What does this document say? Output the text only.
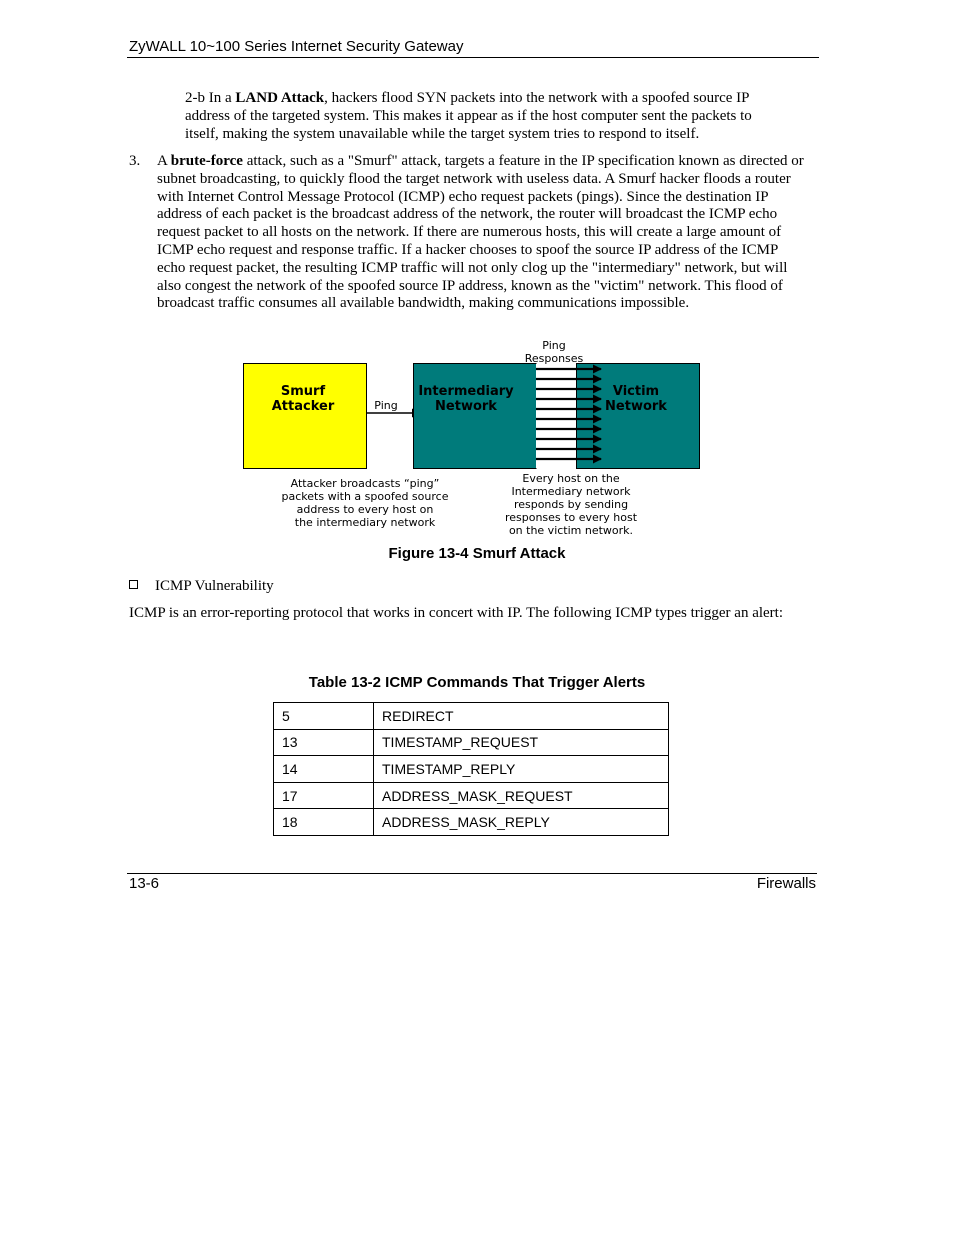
ZyWALL 10~100 Series Internet Security Gateway
2-b In a LAND Attack, hackers flood SYN packets into the network with a spoofed source IP address of the targeted system. This makes it appear as if the host computer sent the packets to itself, making the system unavailable while the target system tries to respond to itself.
3. A brute-force attack, such as a "Smurf" attack, targets a feature in the IP specification known as directed or subnet broadcasting, to quickly flood the target network with useless data. A Smurf hacker floods a router with Internet Control Message Protocol (ICMP) echo request packets (pings). Since the destination IP address of each packet is the broadcast address of the network, the router will broadcast the ICMP echo request packet to all hosts on the network. If there are numerous hosts, this will create a large amount of ICMP echo request and response traffic. If a hacker chooses to spoof the source IP address of the ICMP echo request packet, the resulting ICMP traffic will not only clog up the "intermediary" network, but will also congest the network of the spoofed source IP address, known as the "victim" network. This flood of broadcast traffic consumes all available bandwidth, making communications impossible.
Smurf
Attacker	Ping
Intermediary
Network
Victim
Network
Ping
Responses
Attacker broadcasts “ping”
packets with a spoofed source
address to every host on
the intermediary network
Every host on the
Intermediary network
responds by sending
responses to every host
on the victim network.
Figure 13-4 Smurf Attack
ICMP Vulnerability
ICMP is an error-reporting protocol that works in concert with IP. The following ICMP types trigger an alert:
Table 13-2 ICMP Commands That Trigger Alerts
5	REDIRECT
13	TIMESTAMP_REQUEST
14	TIMESTAMP_REPLY
17	ADDRESS_MASK_REQUEST
18	ADDRESS_MASK_REPLY
13-6	Firewalls
